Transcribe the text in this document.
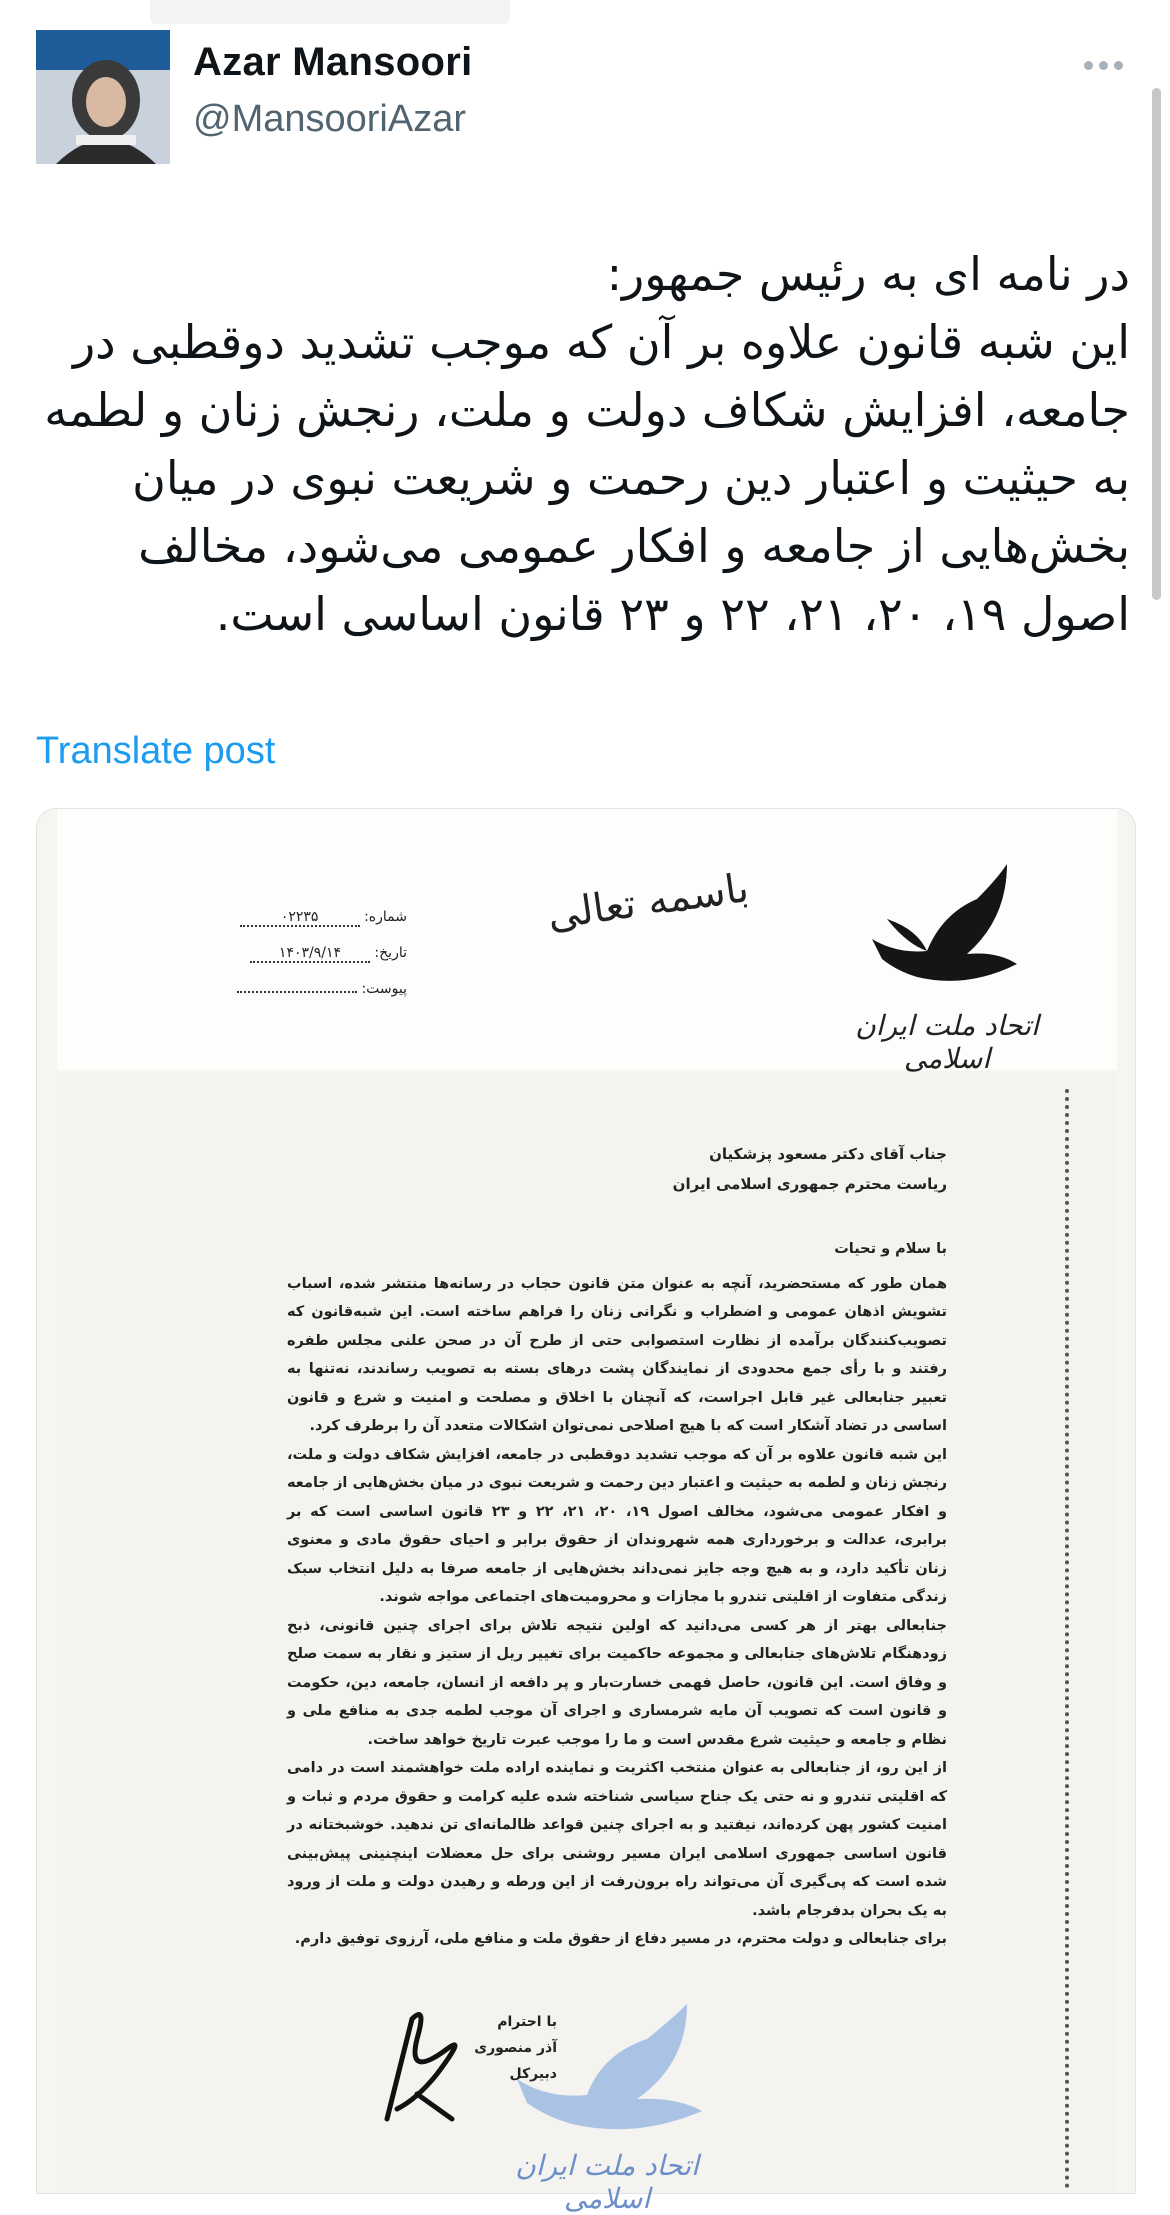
Azar Mansoori
@MansooriAzar
در نامه ای به رئیس جمهور:
این شبه قانون علاوه بر آن که موجب تشدید دوقطبی در جامعه، افزایش شکاف دولت و ملت، رنجش زنان و لطمه به حیثیت و اعتبار دین رحمت و شریعت نبوی در میان بخش‌هایی از جامعه و افکار عمومی می‌شود، مخالف اصول ۱۹، ۲۰، ۲۱، ۲۲ و ۲۳ قانون اساسی است.
Translate post
باسمه تعالی
اتحاد ملت ایران اسلامی
شماره: ۰۲۲۳۵
تاریخ: ۱۴۰۳/۹/۱۴
پیوست:

جناب آقای دکتر مسعود پزشکیان
ریاست محترم جمهوری اسلامی ایران

با سلام و تحیات

همان طور که مستحضرید، آنچه به عنوان متن قانون حجاب در رسانه‌ها منتشر شده، اسباب تشویش اذهان عمومی و اضطراب و نگرانی زنان را فراهم ساخته است. این شبه‌قانون که تصویب‌کنندگان برآمده از نظارت استصوابی حتی از طرح آن در صحن علنی مجلس طفره رفتند و با رأی جمع محدودی از نمایندگان پشت درهای بسته به تصویب رساندند، نه‌تنها به تعبیر جنابعالی غیر قابل اجراست، که آنچنان با اخلاق و مصلحت و امنیت و شرع و قانون اساسی در تضاد آشکار است که با هیچ اصلاحی نمی‌توان اشکالات متعدد آن را برطرف کرد.

این شبه قانون علاوه بر آن که موجب تشدید دوقطبی در جامعه، افزایش شکاف دولت و ملت، رنجش زنان و لطمه به حیثیت و اعتبار دین رحمت و شریعت نبوی در میان بخش‌هایی از جامعه و افکار عمومی می‌شود، مخالف اصول ۱۹، ۲۰، ۲۱، ۲۲ و ۲۳ قانون اساسی است که بر برابری، عدالت و برخورداری همه شهروندان از حقوق برابر و احیای حقوق مادی و معنوی زنان تأکید دارد، و به هیچ وجه جایز نمی‌داند بخش‌هایی از جامعه صرفا به دلیل انتخاب سبک زندگی متفاوت از اقلیتی تندرو با مجازات و محرومیت‌های اجتماعی مواجه شوند.

جنابعالی بهتر از هر کسی می‌دانید که اولین نتیجه تلاش برای اجرای چنین قانونی، ذبح زودهنگام تلاش‌های جنابعالی و مجموعه حاکمیت برای تغییر ریل از ستیز و نقار به سمت صلح و وفاق است. این قانون، حاصل فهمی خسارت‌بار و پر دافعه از انسان، جامعه، دین، حکومت و قانون است که تصویب آن مایه شرمساری و اجرای آن موجب لطمه جدی به منافع ملی و نظام و جامعه و حیثیت شرع مقدس است و ما را موجب عبرت تاریخ خواهد ساخت.

از این رو، از جنابعالی به عنوان منتخب اکثریت و نماینده اراده ملت خواهشمند است در دامی که اقلیتی تندرو و نه حتی یک جناح سیاسی شناخته شده علیه کرامت و حقوق مردم و ثبات و امنیت کشور پهن کرده‌اند، نیفتید و به اجرای چنین قواعد ظالمانه‌ای تن ندهید. خوشبختانه در قانون اساسی جمهوری اسلامی ایران مسیر روشنی برای حل معضلات اینچنینی پیش‌بینی شده است که پی‌گیری آن می‌تواند راه برون‌رفت از این ورطه و رهیدن دولت و ملت از ورود به یک بحران بدفرجام باشد.

برای جنابعالی و دولت محترم، در مسیر دفاع از حقوق ملت و منافع ملی، آرزوی توفیق دارم.

با احترام
آذر منصوری
دبیرکل
اتحاد ملت ایران اسلامی
